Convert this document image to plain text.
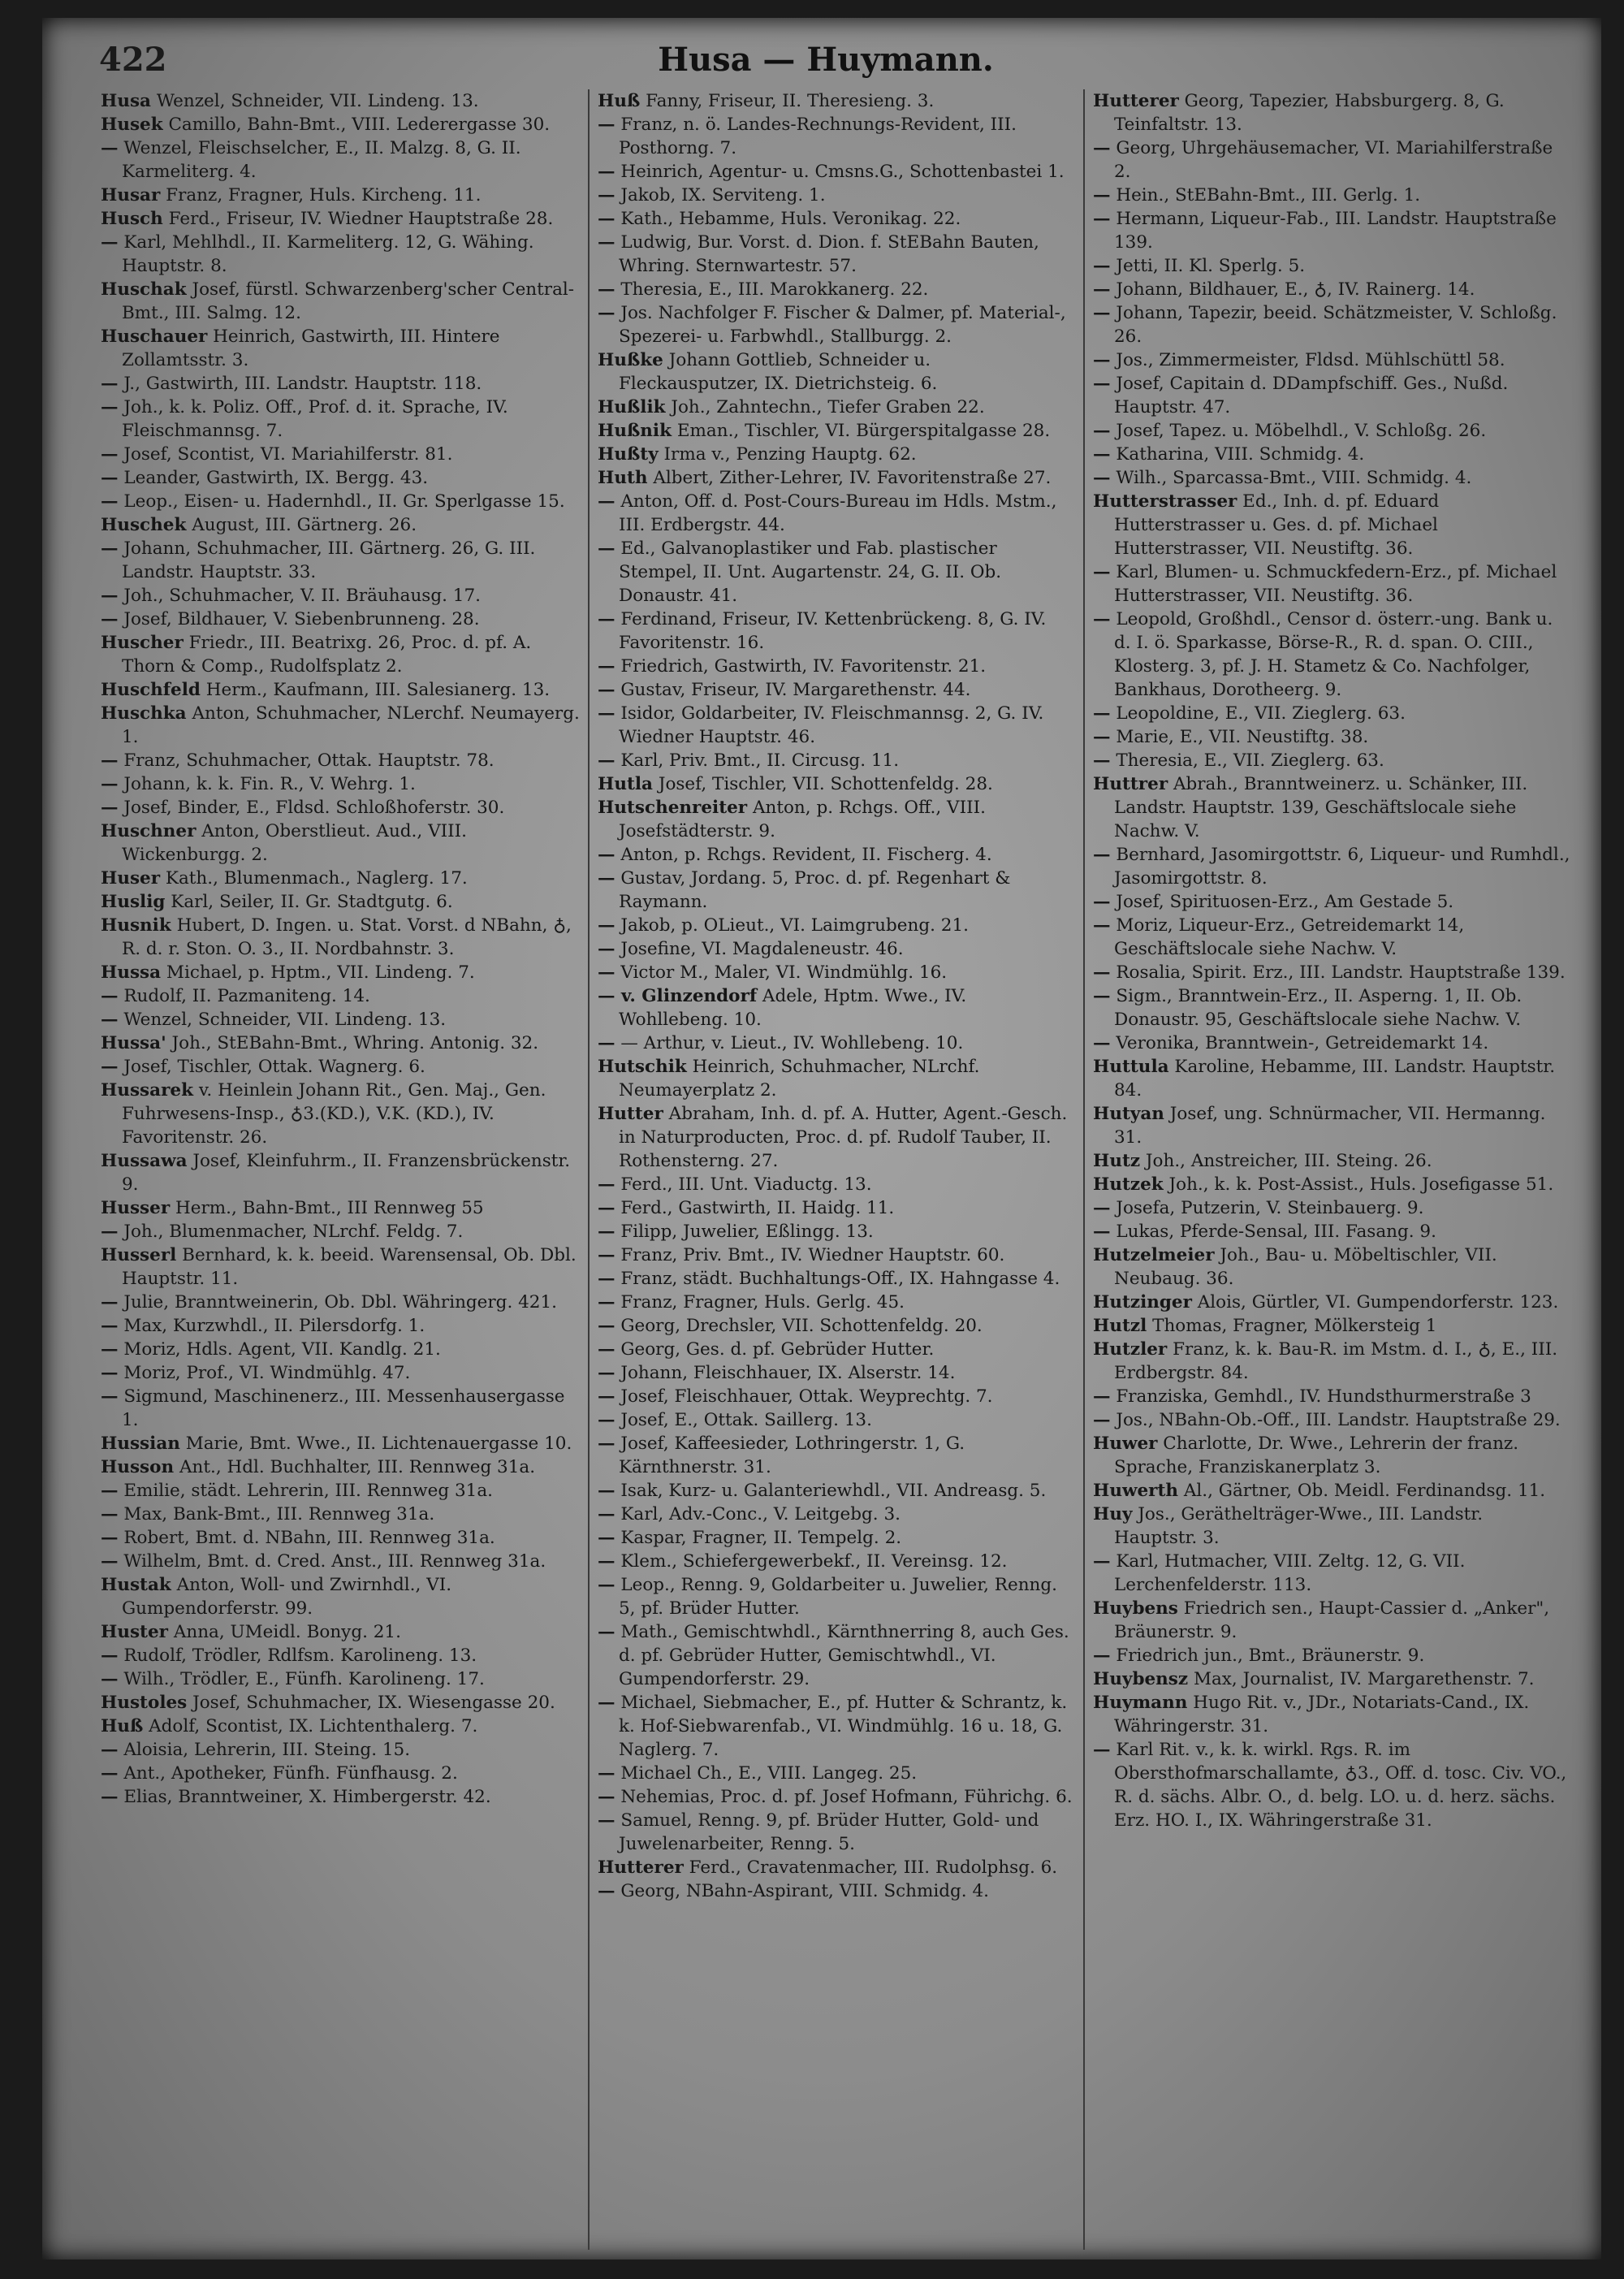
422	Husa — Huymann.
Husa Wenzel, Schneider, VII. Lindeng. 13.
Husek Camillo, Bahn-Bmt., VIII. Lederergasse 30.
— Wenzel, Fleischselcher, E., II. Malzg. 8, G. II. Karmeliterg. 4.
Husar Franz, Fragner, Huls. Kircheng. 11.
Husch Ferd., Friseur, IV. Wiedner Hauptstraße 28.
— Karl, Mehlhdl., II. Karmeliterg. 12, G. Wähing. Hauptstr. 8.
Huschak Josef, fürstl. Schwarzenberg'scher Central-Bmt., III. Salmg. 12.
Huschauer Heinrich, Gastwirth, III. Hintere Zollamtsstr. 3.
— J., Gastwirth, III. Landstr. Hauptstr. 118.
— Joh., k. k. Poliz. Off., Prof. d. it. Sprache, IV. Fleischmannsg. 7.
— Josef, Scontist, VI. Mariahilferstr. 81.
— Leander, Gastwirth, IX. Bergg. 43.
— Leop., Eisen- u. Hadernhdl., II. Gr. Sperlgasse 15.
Huschek August, III. Gärtnerg. 26.
— Johann, Schuhmacher, III. Gärtnerg. 26, G. III. Landstr. Hauptstr. 33.
— Joh., Schuhmacher, V. II. Bräuhausg. 17.
— Josef, Bildhauer, V. Siebenbrunneng. 28.
Huscher Friedr., III. Beatrixg. 26, Proc. d. pf. A. Thorn & Comp., Rudolfsplatz 2.
Huschfeld Herm., Kaufmann, III. Salesianerg. 13.
Huschka Anton, Schuhmacher, NLerchf. Neumayerg. 1.
— Franz, Schuhmacher, Ottak. Hauptstr. 78.
— Johann, k. k. Fin. R., V. Wehrg. 1.
— Josef, Binder, E., Fldsd. Schloßhoferstr. 30.
Huschner Anton, Oberstlieut. Aud., VIII. Wickenburgg. 2.
Huser Kath., Blumenmach., Naglerg. 17.
Huslig Karl, Seiler, II. Gr. Stadtgutg. 6.
Husnik Hubert, D. Ingen. u. Stat. Vorst. d NBahn, ♁, R. d. r. Ston. O. 3., II. Nordbahnstr. 3.
Hussa Michael, p. Hptm., VII. Lindeng. 7.
— Rudolf, II. Pazmaniteng. 14.
— Wenzel, Schneider, VII. Lindeng. 13.
Hussa' Joh., StEBahn-Bmt., Whring. Antonig. 32.
— Josef, Tischler, Ottak. Wagnerg. 6.
Hussarek v. Heinlein Johann Rit., Gen. Maj., Gen. Fuhrwesens-Insp., ♁3.(KD.), V.K. (KD.), IV. Favoritenstr. 26.
Hussawa Josef, Kleinfuhrm., II. Franzensbrückenstr. 9.
Husser Herm., Bahn-Bmt., III Rennweg 55
— Joh., Blumenmacher, NLrchf. Feldg. 7.
Husserl Bernhard, k. k. beeid. Warensensal, Ob. Dbl. Hauptstr. 11.
— Julie, Branntweinerin, Ob. Dbl. Währingerg. 421.
— Max, Kurzwhdl., II. Pilersdorfg. 1.
— Moriz, Hdls. Agent, VII. Kandlg. 21.
— Moriz, Prof., VI. Windmühlg. 47.
— Sigmund, Maschinenerz., III. Messenhausergasse 1.
Hussian Marie, Bmt. Wwe., II. Lichtenauergasse 10.
Husson Ant., Hdl. Buchhalter, III. Rennweg 31a.
— Emilie, städt. Lehrerin, III. Rennweg 31a.
— Max, Bank-Bmt., III. Rennweg 31a.
— Robert, Bmt. d. NBahn, III. Rennweg 31a.
— Wilhelm, Bmt. d. Cred. Anst., III. Rennweg 31a.
Hustak Anton, Woll- und Zwirnhdl., VI. Gumpendorferstr. 99.
Huster Anna, UMeidl. Bonyg. 21.
— Rudolf, Trödler, Rdlfsm. Karolineng. 13.
— Wilh., Trödler, E., Fünfh. Karolineng. 17.
Hustoles Josef, Schuhmacher, IX. Wiesengasse 20.
Huß Adolf, Scontist, IX. Lichtenthalerg. 7.
— Aloisia, Lehrerin, III. Steing. 15.
— Ant., Apotheker, Fünfh. Fünfhausg. 2.
— Elias, Branntweiner, X. Himbergerstr. 42.
Huß Fanny, Friseur, II. Theresieng. 3.
— Franz, n. ö. Landes-Rechnungs-Revident, III. Posthorng. 7.
— Heinrich, Agentur- u. Cmsns.G., Schottenbastei 1.
— Jakob, IX. Serviteng. 1.
— Kath., Hebamme, Huls. Veronikag. 22.
— Ludwig, Bur. Vorst. d. Dion. f. StEBahn Bauten, Whring. Sternwartestr. 57.
— Theresia, E., III. Marokkanerg. 22.
— Jos. Nachfolger F. Fischer & Dalmer, pf. Material-, Spezerei- u. Farbwhdl., Stallburgg. 2.
Hußke Johann Gottlieb, Schneider u. Fleckausputzer, IX. Dietrichsteig. 6.
Hußlik Joh., Zahntechn., Tiefer Graben 22.
Hußnik Eman., Tischler, VI. Bürgerspitalgasse 28.
Hußty Irma v., Penzing Hauptg. 62.
Huth Albert, Zither-Lehrer, IV. Favoritenstraße 27.
— Anton, Off. d. Post-Cours-Bureau im Hdls. Mstm., III. Erdbergstr. 44.
— Ed., Galvanoplastiker und Fab. plastischer Stempel, II. Unt. Augartenstr. 24, G. II. Ob. Donaustr. 41.
— Ferdinand, Friseur, IV. Kettenbrückeng. 8, G. IV. Favoritenstr. 16.
— Friedrich, Gastwirth, IV. Favoritenstr. 21.
— Gustav, Friseur, IV. Margarethenstr. 44.
— Isidor, Goldarbeiter, IV. Fleischmannsg. 2, G. IV. Wiedner Hauptstr. 46.
— Karl, Priv. Bmt., II. Circusg. 11.
Hutla Josef, Tischler, VII. Schottenfeldg. 28.
Hutschenreiter Anton, p. Rchgs. Off., VIII. Josefstädterstr. 9.
— Anton, p. Rchgs. Revident, II. Fischerg. 4.
— Gustav, Jordang. 5, Proc. d. pf. Regenhart & Raymann.
— Jakob, p. OLieut., VI. Laimgrubeng. 21.
— Josefine, VI. Magdaleneustr. 46.
— Victor M., Maler, VI. Windmühlg. 16.
— v. Glinzendorf Adele, Hptm. Wwe., IV. Wohllebeng. 10.
— — Arthur, v. Lieut., IV. Wohllebeng. 10.
Hutschik Heinrich, Schuhmacher, NLrchf. Neumayerplatz 2.
Hutter Abraham, Inh. d. pf. A. Hutter, Agent.-Gesch. in Naturproducten, Proc. d. pf. Rudolf Tauber, II. Rothensterng. 27.
— Ferd., III. Unt. Viaductg. 13.
— Ferd., Gastwirth, II. Haidg. 11.
— Filipp, Juwelier, Eßlingg. 13.
— Franz, Priv. Bmt., IV. Wiedner Hauptstr. 60.
— Franz, städt. Buchhaltungs-Off., IX. Hahngasse 4.
— Franz, Fragner, Huls. Gerlg. 45.
— Georg, Drechsler, VII. Schottenfeldg. 20.
— Georg, Ges. d. pf. Gebrüder Hutter.
— Johann, Fleischhauer, IX. Alserstr. 14.
— Josef, Fleischhauer, Ottak. Weyprechtg. 7.
— Josef, E., Ottak. Saillerg. 13.
— Josef, Kaffeesieder, Lothringerstr. 1, G. Kärnthnerstr. 31.
— Isak, Kurz- u. Galanteriewhdl., VII. Andreasg. 5.
— Karl, Adv.-Conc., V. Leitgebg. 3.
— Kaspar, Fragner, II. Tempelg. 2.
— Klem., Schiefergewerbekf., II. Vereinsg. 12.
— Leop., Renng. 9, Goldarbeiter u. Juwelier, Renng. 5, pf. Brüder Hutter.
— Math., Gemischtwhdl., Kärnthnerring 8, auch Ges. d. pf. Gebrüder Hutter, Gemischtwhdl., VI. Gumpendorferstr. 29.
— Michael, Siebmacher, E., pf. Hutter & Schrantz, k. k. Hof-Siebwarenfab., VI. Windmühlg. 16 u. 18, G. Naglerg. 7.
— Michael Ch., E., VIII. Langeg. 25.
— Nehemias, Proc. d. pf. Josef Hofmann, Führichg. 6.
— Samuel, Renng. 9, pf. Brüder Hutter, Gold- und Juwelenarbeiter, Renng. 5.
Hutterer Ferd., Cravatenmacher, III. Rudolphsg. 6.
— Georg, NBahn-Aspirant, VIII. Schmidg. 4.
Hutterer Georg, Tapezier, Habsburgerg. 8, G. Teinfaltstr. 13.
— Georg, Uhrgehäusemacher, VI. Mariahilferstraße 2.
— Hein., StEBahn-Bmt., III. Gerlg. 1.
— Hermann, Liqueur-Fab., III. Landstr. Hauptstraße 139.
— Jetti, II. Kl. Sperlg. 5.
— Johann, Bildhauer, E., ♁, IV. Rainerg. 14.
— Johann, Tapezir, beeid. Schätzmeister, V. Schloßg. 26.
— Jos., Zimmermeister, Fldsd. Mühlschüttl 58.
— Josef, Capitain d. DDampfschiff. Ges., Nußd. Hauptstr. 47.
— Josef, Tapez. u. Möbelhdl., V. Schloßg. 26.
— Katharina, VIII. Schmidg. 4.
— Wilh., Sparcassa-Bmt., VIII. Schmidg. 4.
Hutterstrasser Ed., Inh. d. pf. Eduard Hutterstrasser u. Ges. d. pf. Michael Hutterstrasser, VII. Neustiftg. 36.
— Karl, Blumen- u. Schmuckfedern-Erz., pf. Michael Hutterstrasser, VII. Neustiftg. 36.
— Leopold, Großhdl., Censor d. österr.-ung. Bank u. d. I. ö. Sparkasse, Börse-R., R. d. span. O. CIII., Klosterg. 3, pf. J. H. Stametz & Co. Nachfolger, Bankhaus, Dorotheerg. 9.
— Leopoldine, E., VII. Zieglerg. 63.
— Marie, E., VII. Neustiftg. 38.
— Theresia, E., VII. Zieglerg. 63.
Huttrer Abrah., Branntweinerz. u. Schänker, III. Landstr. Hauptstr. 139, Geschäftslocale siehe Nachw. V.
— Bernhard, Jasomirgottstr. 6, Liqueur- und Rumhdl., Jasomirgottstr. 8.
— Josef, Spirituosen-Erz., Am Gestade 5.
— Moriz, Liqueur-Erz., Getreidemarkt 14, Geschäftslocale siehe Nachw. V.
— Rosalia, Spirit. Erz., III. Landstr. Hauptstraße 139.
— Sigm., Branntwein-Erz., II. Asperng. 1, II. Ob. Donaustr. 95, Geschäftslocale siehe Nachw. V.
— Veronika, Branntwein-, Getreidemarkt 14.
Huttula Karoline, Hebamme, III. Landstr. Hauptstr. 84.
Hutyan Josef, ung. Schnürmacher, VII. Hermanng. 31.
Hutz Joh., Anstreicher, III. Steing. 26.
Hutzek Joh., k. k. Post-Assist., Huls. Josefigasse 51.
— Josefa, Putzerin, V. Steinbauerg. 9.
— Lukas, Pferde-Sensal, III. Fasang. 9.
Hutzelmeier Joh., Bau- u. Möbeltischler, VII. Neubaug. 36.
Hutzinger Alois, Gürtler, VI. Gumpendorferstr. 123.
Hutzl Thomas, Fragner, Mölkersteig 1
Hutzler Franz, k. k. Bau-R. im Mstm. d. I., ♁, E., III. Erdbergstr. 84.
— Franziska, Gemhdl., IV. Hundsthurmerstraße 3
— Jos., NBahn-Ob.-Off., III. Landstr. Hauptstraße 29.
Huwer Charlotte, Dr. Wwe., Lehrerin der franz. Sprache, Franziskanerplatz 3.
Huwerth Al., Gärtner, Ob. Meidl. Ferdinandsg. 11.
Huy Jos., Geräthelträger-Wwe., III. Landstr. Hauptstr. 3.
— Karl, Hutmacher, VIII. Zeltg. 12, G. VII. Lerchenfelderstr. 113.
Huybens Friedrich sen., Haupt-Cassier d. „Anker", Bräunerstr. 9.
— Friedrich jun., Bmt., Bräunerstr. 9.
Huybensz Max, Journalist, IV. Margarethenstr. 7.
Huymann Hugo Rit. v., JDr., Notariats-Cand., IX. Währingerstr. 31.
— Karl Rit. v., k. k. wirkl. Rgs. R. im Obersthofmarschallamte, ♁3., Off. d. tosc. Civ. VO., R. d. sächs. Albr. O., d. belg. LO. u. d. herz. sächs. Erz. HO. I., IX. Währingerstraße 31.
